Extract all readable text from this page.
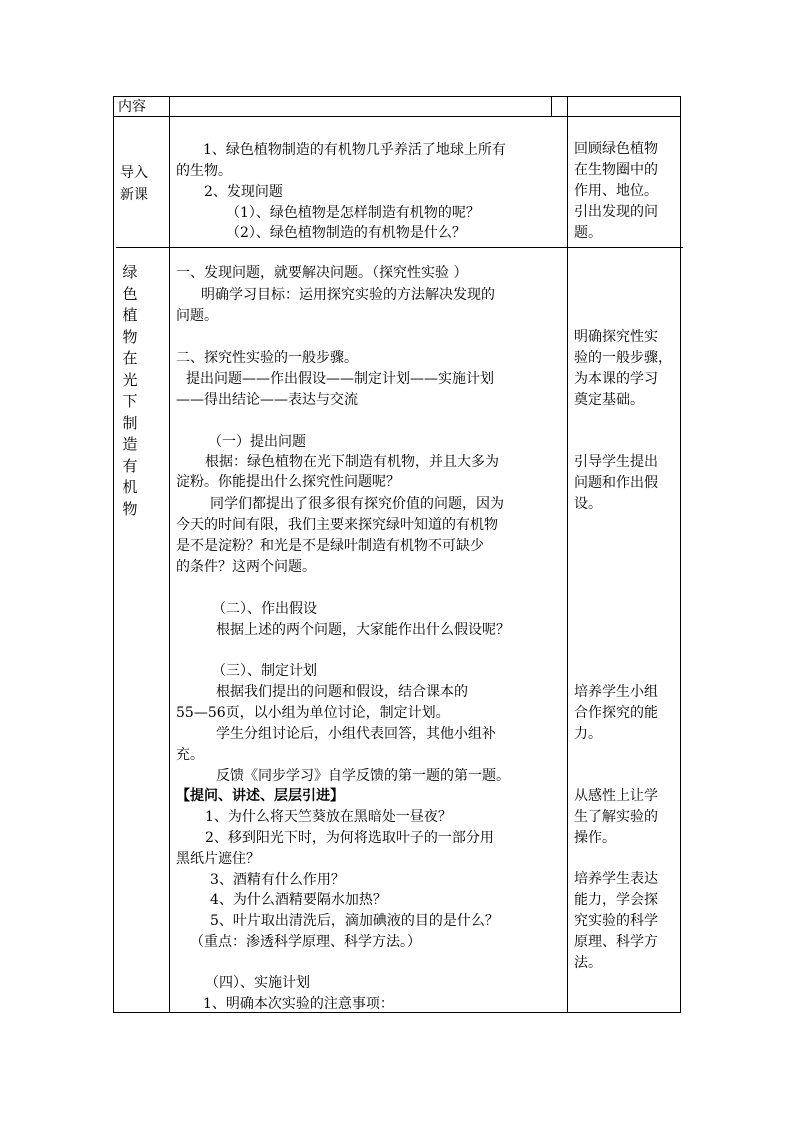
内容
导入
新课
1、绿色植物制造的有机物几乎养活了地球上所有
的生物。
2、发现问题
（1）、绿色植物是怎样制造有机物的呢？
（2）、绿色植物制造的有机物是什么？
回顾绿色植物
在生物圈中的
作用、地位。
引出发现的问
题。
绿
色
植
物
在
光
下
制
造
有
机
物
一、发现问题，就要解决问题。（探究性实验 ）
明确学习目标：运用探究实验的方法解决发现的
问题。
二、探究性实验的一般步骤。
提出问题——作出假设——制定计划——实施计划
——得出结论——表达与交流
（一）提出问题
根据：绿色植物在光下制造有机物，并且大多为
淀粉。你能提出什么探究性问题呢？
同学们都提出了很多很有探究价值的问题，因为
今天的时间有限，我们主要来探究绿叶知道的有机物
是不是淀粉？和光是不是绿叶制造有机物不可缺少
的条件？这两个问题。
（二）、作出假设
根据上述的两个问题，大家能作出什么假设呢？
（三）、制定计划
根据我们提出的问题和假设，结合课本的
55—56页，以小组为单位讨论，制定计划。
学生分组讨论后，小组代表回答，其他小组补
充。
反馈《同步学习》自学反馈的第一题的第一题。
【提问、讲述、层层引进】
1、为什么将天竺葵放在黑暗处一昼夜？
2、移到阳光下时，为何将选取叶子的一部分用
黑纸片遮住？
3、酒精有什么作用？
4、为什么酒精要隔水加热？
5、叶片取出清洗后，滴加碘液的目的是什么？
（重点：渗透科学原理、科学方法。）
（四）、实施计划
1、明确本次实验的注意事项：
明确探究性实
验的一般步骤，
为本课的学习
奠定基础。
引导学生提出
问题和作出假
设。
培养学生小组
合作探究的能
力。
从感性上让学
生了解实验的
操作。
培养学生表达
能力，学会探
究实验的科学
原理、科学方
法。
